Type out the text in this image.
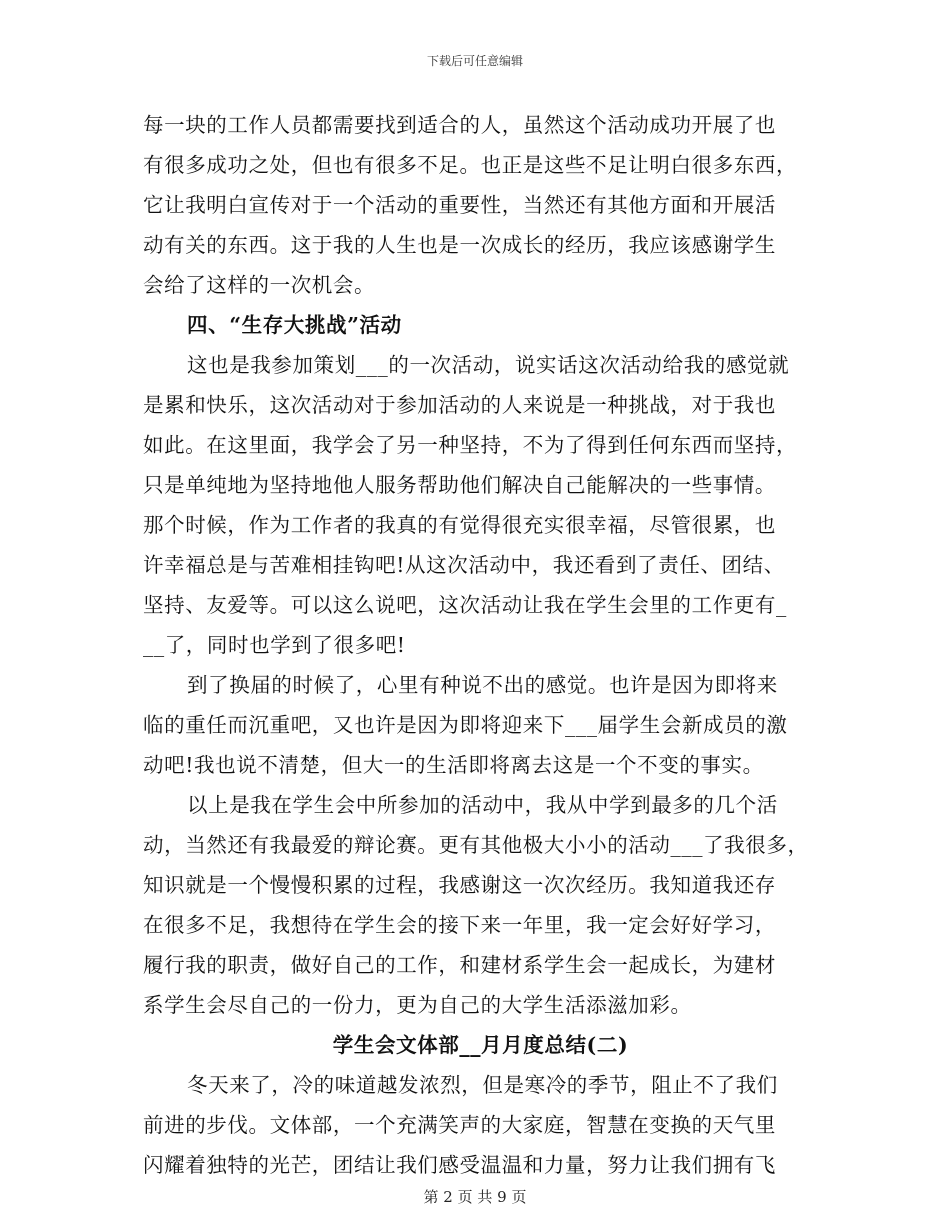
下载后可任意编辑
每一块的工作人员都需要找到适合的人，虽然这个活动成功开展了也
有很多成功之处，但也有很多不足。也正是这些不足让明白很多东西，
它让我明白宣传对于一个活动的重要性，当然还有其他方面和开展活
动有关的东西。这于我的人生也是一次成长的经历，我应该感谢学生
会给了这样的一次机会。
四、“生存大挑战”活动
这也是我参加策划___的一次活动，说实话这次活动给我的感觉就
是累和快乐，这次活动对于参加活动的人来说是一种挑战，对于我也
如此。在这里面，我学会了另一种坚持，不为了得到任何东西而坚持，
只是单纯地为坚持地他人服务帮助他们解决自己能解决的一些事情。
那个时候，作为工作者的我真的有觉得很充实很幸福，尽管很累，也
许幸福总是与苦难相挂钩吧!从这次活动中，我还看到了责任、团结、
坚持、友爱等。可以这么说吧，这次活动让我在学生会里的工作更有_
__了，同时也学到了很多吧!
到了换届的时候了，心里有种说不出的感觉。也许是因为即将来
临的重任而沉重吧，又也许是因为即将迎来下___届学生会新成员的激
动吧!我也说不清楚，但大一的生活即将离去这是一个不变的事实。
以上是我在学生会中所参加的活动中，我从中学到最多的几个活
动，当然还有我最爱的辩论赛。更有其他极大小小的活动___了我很多，
知识就是一个慢慢积累的过程，我感谢这一次次经历。我知道我还存
在很多不足，我想待在学生会的接下来一年里，我一定会好好学习，
履行我的职责，做好自己的工作，和建材系学生会一起成长，为建材
系学生会尽自己的一份力，更为自己的大学生活添滋加彩。
学生会文体部__月月度总结(二)
冬天来了，冷的味道越发浓烈，但是寒冷的季节，阻止不了我们
前进的步伐。文体部，一个充满笑声的大家庭，智慧在变换的天气里
闪耀着独特的光芒，团结让我们感受温温和力量，努力让我们拥有飞
第 2 页 共 9 页
